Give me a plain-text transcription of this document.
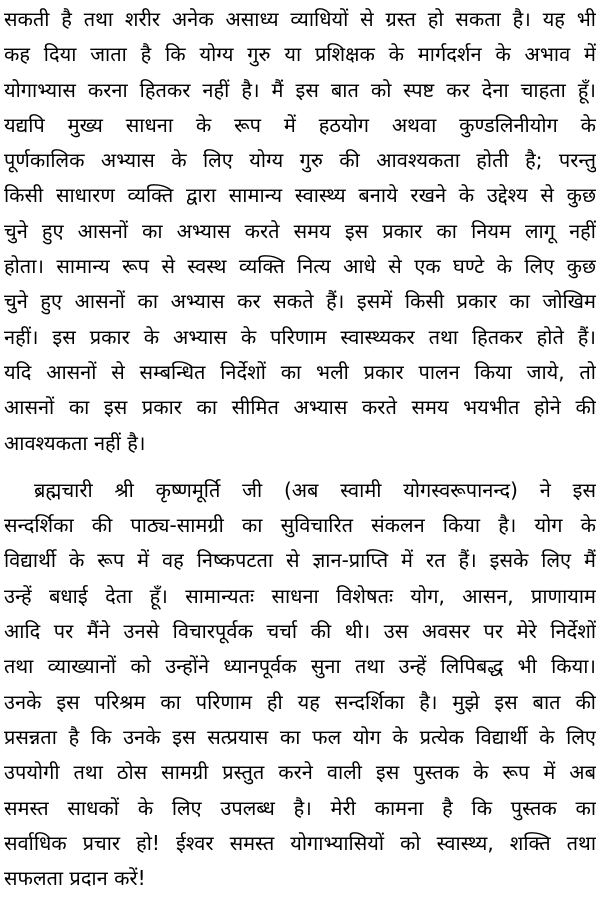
सकती है तथा शरीर अनेक असाध्य व्याधियों से ग्रस्त हो सकता है। यह भी
कह दिया जाता है कि योग्य गुरु या प्रशिक्षक के मार्गदर्शन के अभाव में
योगाभ्यास करना हितकर नहीं है। मैं इस बात को स्पष्ट कर देना चाहता हूँ।
यद्यपि मुख्य साधना के रूप में हठयोग अथवा कुण्डलिनीयोग के
पूर्णकालिक अभ्यास के लिए योग्य गुरु की आवश्यकता होती है; परन्तु
किसी साधारण व्यक्ति द्वारा सामान्य स्वास्थ्य बनाये रखने के उद्देश्य से कुछ
चुने हुए आसनों का अभ्यास करते समय इस प्रकार का नियम लागू नहीं
होता। सामान्य रूप से स्वस्थ व्यक्ति नित्य आधे से एक घण्टे के लिए कुछ
चुने हुए आसनों का अभ्यास कर सकते हैं। इसमें किसी प्रकार का जोखिम
नहीं। इस प्रकार के अभ्यास के परिणाम स्वास्थ्यकर तथा हितकर होते हैं।
यदि आसनों से सम्बन्धित निर्देशों का भली प्रकार पालन किया जाये, तो
आसनों का इस प्रकार का सीमित अभ्यास करते समय भयभीत होने की
आवश्यकता नहीं है।
ब्रह्मचारी श्री कृष्णमूर्ति जी (अब स्वामी योगस्वरूपानन्द) ने इस
सन्दर्शिका की पाठ्य-सामग्री का सुविचारित संकलन किया है। योग के
विद्यार्थी के रूप में वह निष्कपटता से ज्ञान-प्राप्ति में रत हैं। इसके लिए मैं
उन्हें बधाई देता हूँ। सामान्यतः साधना विशेषतः योग, आसन, प्राणायाम
आदि पर मैंने उनसे विचारपूर्वक चर्चा की थी। उस अवसर पर मेरे निर्देशों
तथा व्याख्यानों को उन्होंने ध्यानपूर्वक सुना तथा उन्हें लिपिबद्ध भी किया।
उनके इस परिश्रम का परिणाम ही यह सन्दर्शिका है। मुझे इस बात की
प्रसन्नता है कि उनके इस सत्प्रयास का फल योग के प्रत्येक विद्यार्थी के लिए
उपयोगी तथा ठोस सामग्री प्रस्तुत करने वाली इस पुस्तक के रूप में अब
समस्त साधकों के लिए उपलब्ध है। मेरी कामना है कि पुस्तक का
सर्वाधिक प्रचार हो! ईश्वर समस्त योगाभ्यासियों को स्वास्थ्य, शक्ति तथा
सफलता प्रदान करें!
